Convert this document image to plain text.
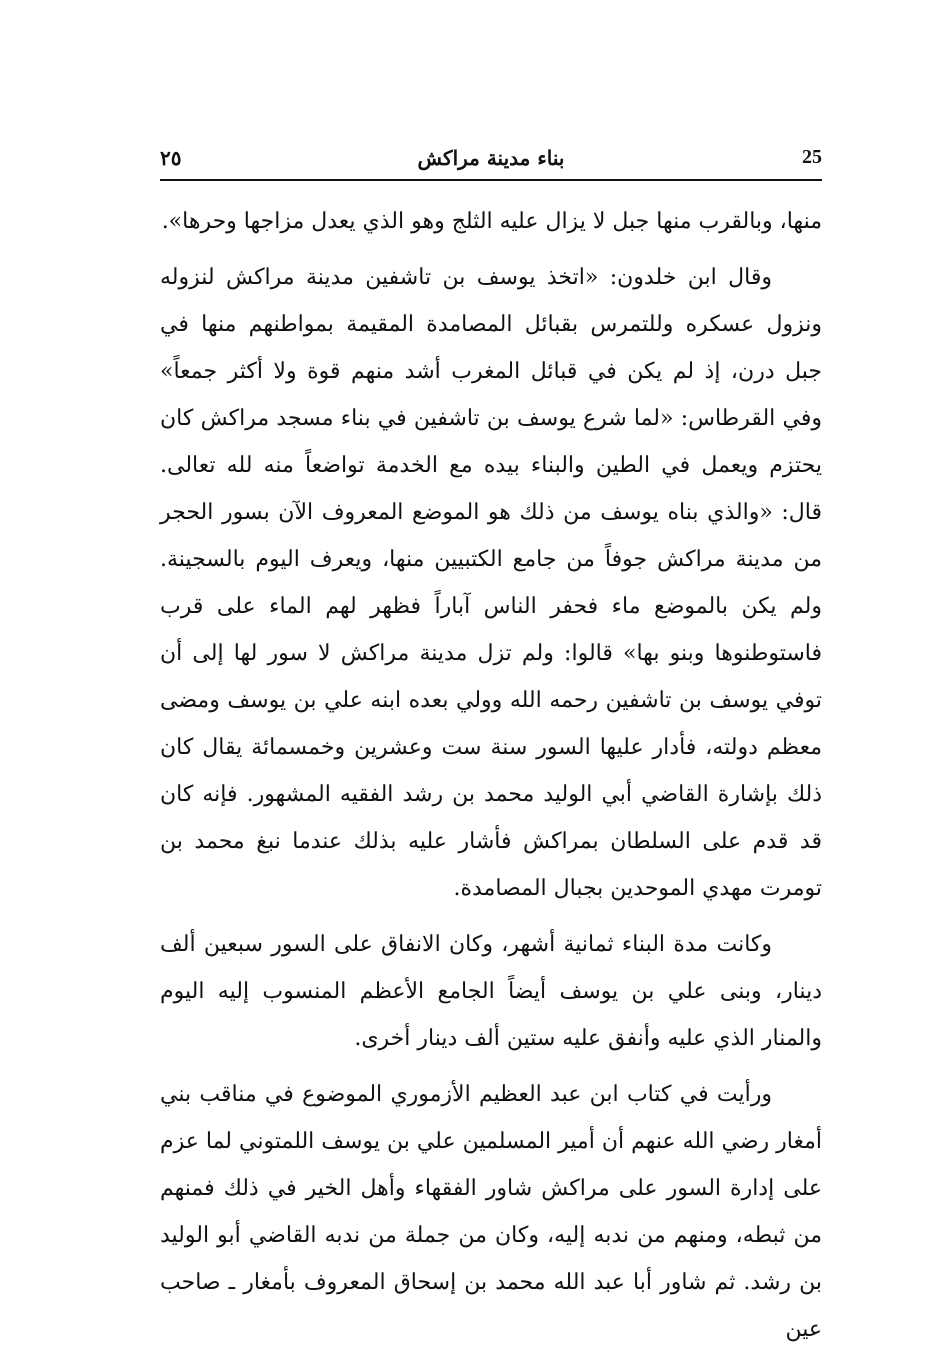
25
بناء مدينة مراكش
٢٥

منها، وبالقرب منها جبل لا يزال عليه الثلج وهو الذي يعدل مزاجها وحرها».

وقال ابن خلدون: «اتخذ يوسف بن تاشفين مدينة مراكش لنزوله ونزول عسكره وللتمرس بقبائل المصامدة المقيمة بمواطنهم منها في جبل درن، إذ لم يكن في قبائل المغرب أشد منهم قوة ولا أكثر جمعاً» وفي القرطاس: «لما شرع يوسف بن تاشفين في بناء مسجد مراكش كان يحتزم ويعمل في الطين والبناء بيده مع الخدمة تواضعاً منه لله تعالى. قال: «والذي بناه يوسف من ذلك هو الموضع المعروف الآن بسور الحجر من مدينة مراكش جوفاً من جامع الكتبيين منها، ويعرف اليوم بالسجينة. ولم يكن بالموضع ماء فحفر الناس آباراً فظهر لهم الماء على قرب فاستوطنوها وبنو بها» قالوا: ولم تزل مدينة مراكش لا سور لها إلى أن توفي يوسف بن تاشفين رحمه الله وولي بعده ابنه علي بن يوسف ومضى معظم دولته، فأدار عليها السور سنة ست وعشرين وخمسمائة يقال كان ذلك بإشارة القاضي أبي الوليد محمد بن رشد الفقيه المشهور. فإنه كان قد قدم على السلطان بمراكش فأشار عليه بذلك عندما نبغ محمد بن تومرت مهدي الموحدين بجبال المصامدة.

وكانت مدة البناء ثمانية أشهر، وكان الانفاق على السور سبعين ألف دينار، وبنى علي بن يوسف أيضاً الجامع الأعظم المنسوب إليه اليوم والمنار الذي عليه وأنفق عليه ستين ألف دينار أخرى.

ورأيت في كتاب ابن عبد العظيم الأزموري الموضوع في مناقب بني أمغار رضي الله عنهم أن أمير المسلمين علي بن يوسف اللمتوني لما عزم على إدارة السور على مراكش شاور الفقهاء وأهل الخير في ذلك فمنهم من ثبطه، ومنهم من ندبه إليه، وكان من جملة من ندبه القاضي أبو الوليد بن رشد. ثم شاور أبا عبد الله محمد بن إسحاق المعروف بأمغار ـ صاحب عين
